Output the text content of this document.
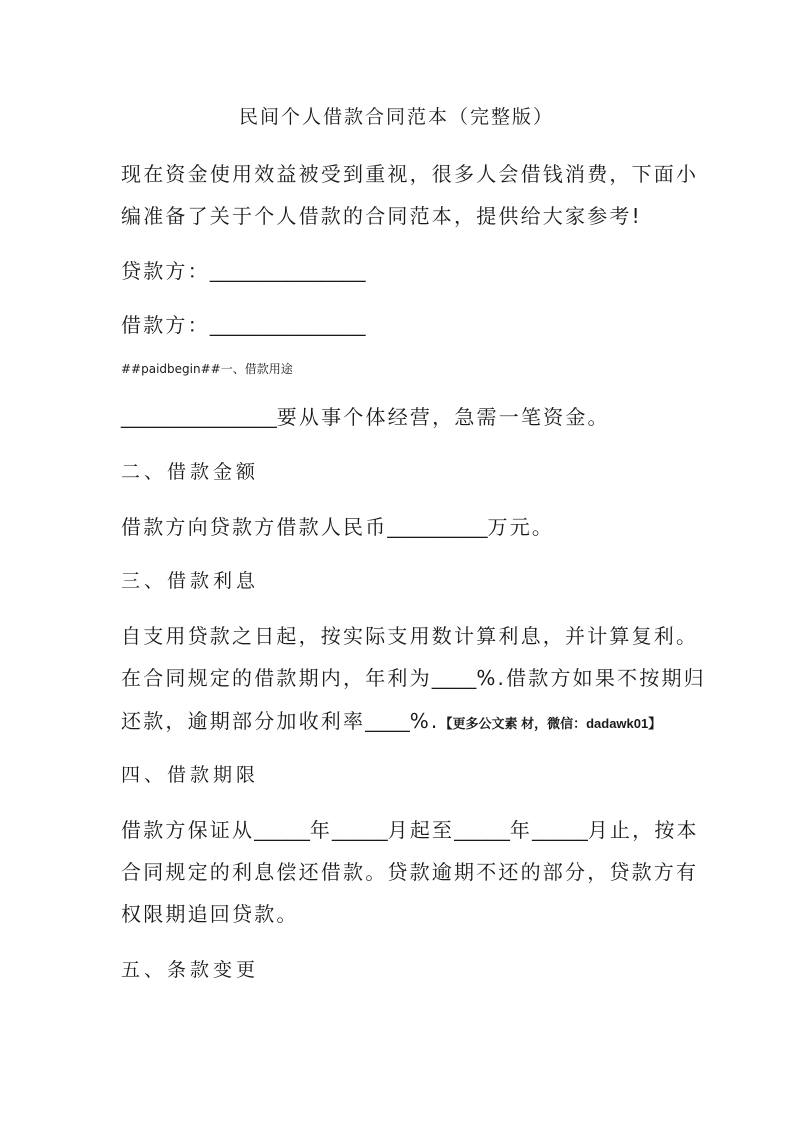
民间个人借款合同范本（完整版）
现在资金使用效益被受到重视，很多人会借钱消费，下面小
编准备了关于个人借款的合同范本，提供给大家参考!
贷款方：______________
借款方：______________
##paidbegin##一、借款用途
______________要从事个体经营，急需一笔资金。
二、借款金额
借款方向贷款方借款人民币_________万元。
三、借款利息
自支用贷款之日起，按实际支用数计算利息，并计算复利。
在合同规定的借款期内，年利为____%.借款方如果不按期归
还款，逾期部分加收利率____%.【更多公文素 材，微信：dadawk01】
四、借款期限
借款方保证从_____年_____月起至_____年_____月止，按本
合同规定的利息偿还借款。贷款逾期不还的部分，贷款方有
权限期追回贷款。
五、条款变更
